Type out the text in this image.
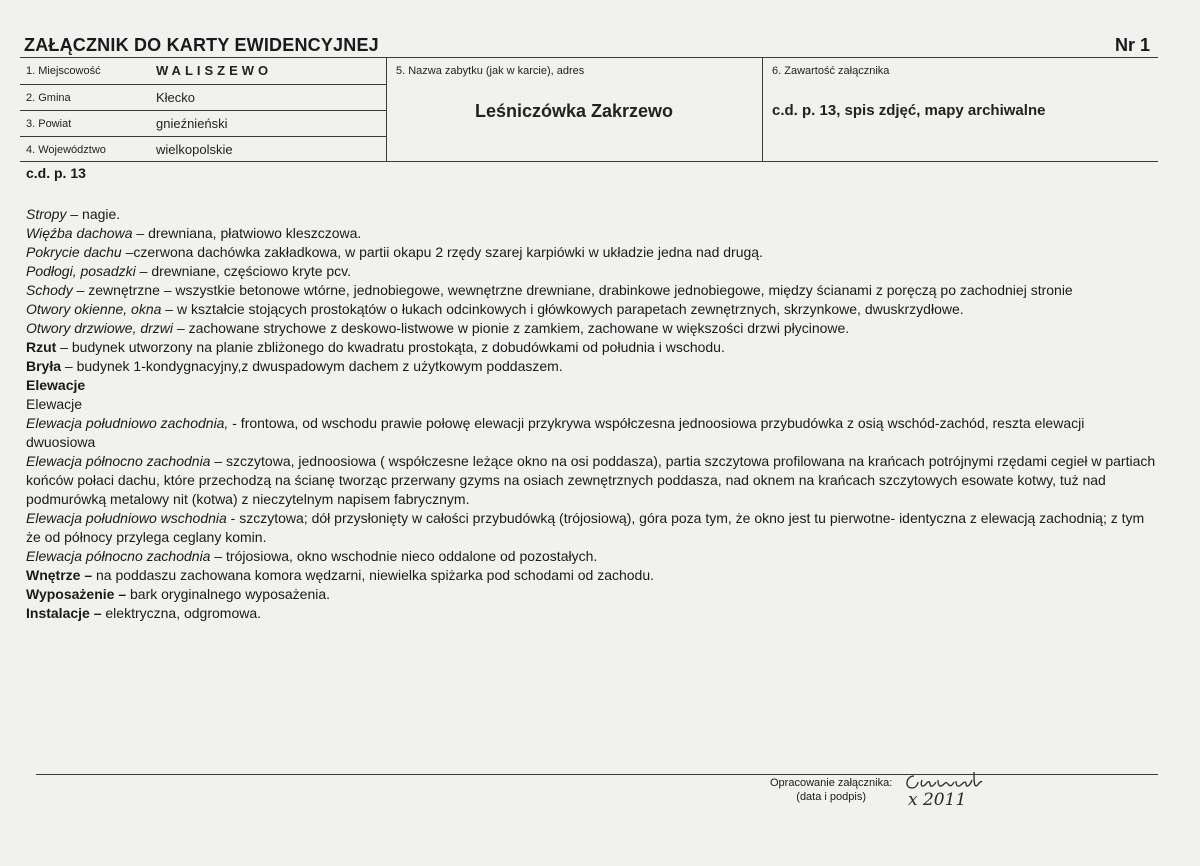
ZAŁĄCZNIK DO KARTY EWIDENCYJNEJ	Nr 1
1. Miejscowość	WALISZEWO
2. Gmina	Kłecko
3. Powiat	gnieźnieński
4. Województwo	wielkopolskie
5. Nazwa zabytku (jak w karcie), adres
Leśniczówka Zakrzewo
6. Zawartość załącznika
c.d. p. 13, spis zdjęć, mapy archiwalne
c.d. p. 13

Stropy – nagie.

Więźba dachowa – drewniana, płatwiowo kleszczowa.

Pokrycie dachu –czerwona dachówka zakładkowa, w partii okapu 2 rzędy szarej karpiówki w układzie jedna nad drugą.

Podłogi, posadzki – drewniane, częściowo kryte pcv.

Schody – zewnętrzne – wszystkie betonowe wtórne, jednobiegowe, wewnętrzne drewniane, drabinkowe jednobiegowe, między ścianami z poręczą po zachodniej stronie

Otwory okienne, okna – w kształcie stojących prostokątów o łukach odcinkowych i główkowych parapetach zewnętrznych, skrzynkowe, dwuskrzydłowe.

Otwory drzwiowe, drzwi – zachowane strychowe z deskowo-listwowe w pionie z zamkiem, zachowane w większości drzwi płycinowe.

Rzut – budynek utworzony na planie zbliżonego do kwadratu prostokąta, z dobudówkami od południa i wschodu.

Bryła – budynek 1-kondygnacyjny,z dwuspadowym dachem z użytkowym poddaszem.

Elewacje

Elewacje

Elewacja południowo zachodnia, - frontowa, od wschodu prawie połowę elewacji przykrywa współczesna jednoosiowa przybudówka z osią wschód-zachód, reszta elewacji dwuosiowa

Elewacja północno zachodnia – szczytowa, jednoosiowa ( współczesne leżące okno na osi poddasza), partia szczytowa profilowana na krańcach potrójnymi rzędami cegieł w partiach końców połaci dachu, które przechodzą na ścianę tworząc przerwany gzyms na osiach zewnętrznych poddasza, nad oknem na krańcach szczytowych esowate kotwy, tuż nad podmurówką metalowy nit (kotwa) z nieczytelnym napisem fabrycznym.

Elewacja południowo wschodnia - szczytowa; dół przysłonięty w całości przybudówką (trójosiową), góra poza tym, że okno jest tu pierwotne- identyczna z elewacją zachodnią; z tym że od północy przylega ceglany komin.

Elewacja północno zachodnia – trójosiowa, okno wschodnie nieco oddalone od pozostałych.

Wnętrze – na poddaszu zachowana komora wędzarni, niewielka spiżarka pod schodami od zachodu.

Wyposażenie – bark oryginalnego wyposażenia.

Instalacje – elektryczna, odgromowa.

Opracowanie załącznika:
(data i podpis)	x 2011
